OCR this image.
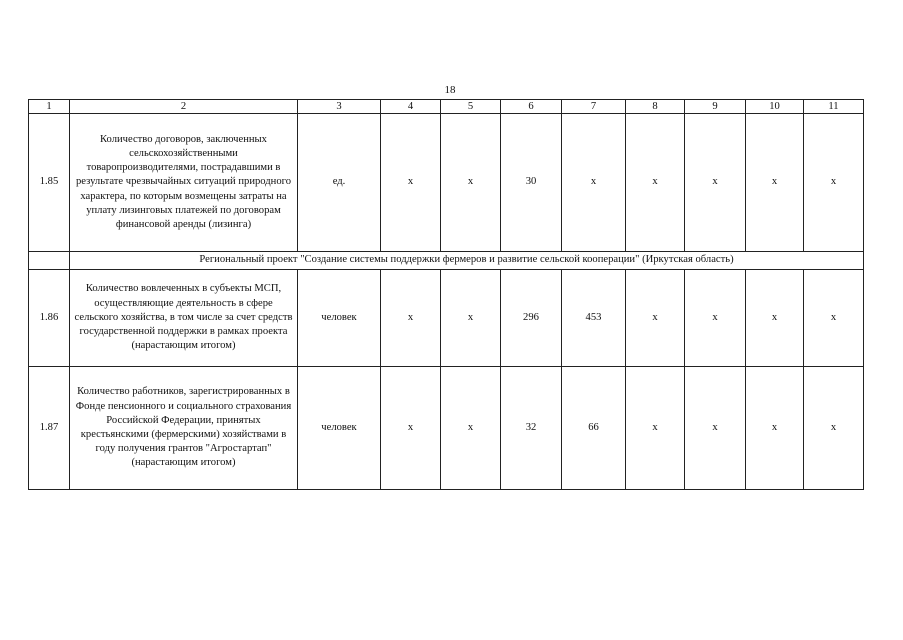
18
1	2	3	4	5	6	7	8	9	10	11
1.85	Количество договоров, заключенных сельскохозяйственными товаропроизводителями, пострадавшими в результате чрезвычайных ситуаций природного характера, по которым возмещены затраты на уплату лизинговых платежей по договорам финансовой аренды (лизинга)	ед.	x	x	30	x	x	x	x	x
	Региональный проект "Создание системы поддержки фермеров и развитие сельской кооперации" (Иркутская область)									
1.86	Количество вовлеченных в субъекты МСП, осуществляющие деятельность в сфере сельского хозяйства, в том числе за счет средств государственной поддержки в рамках проекта (нарастающим итогом)	человек	x	x	296	453	x	x	x	x
1.87	Количество работников, зарегистрированных в Фонде пенсионного и социального страхования Российской Федерации, принятых крестьянскими (фермерскими) хозяйствами в году получения грантов "Агростартап" (нарастающим итогом)	человек	x	x	32	66	x	x	x	x
